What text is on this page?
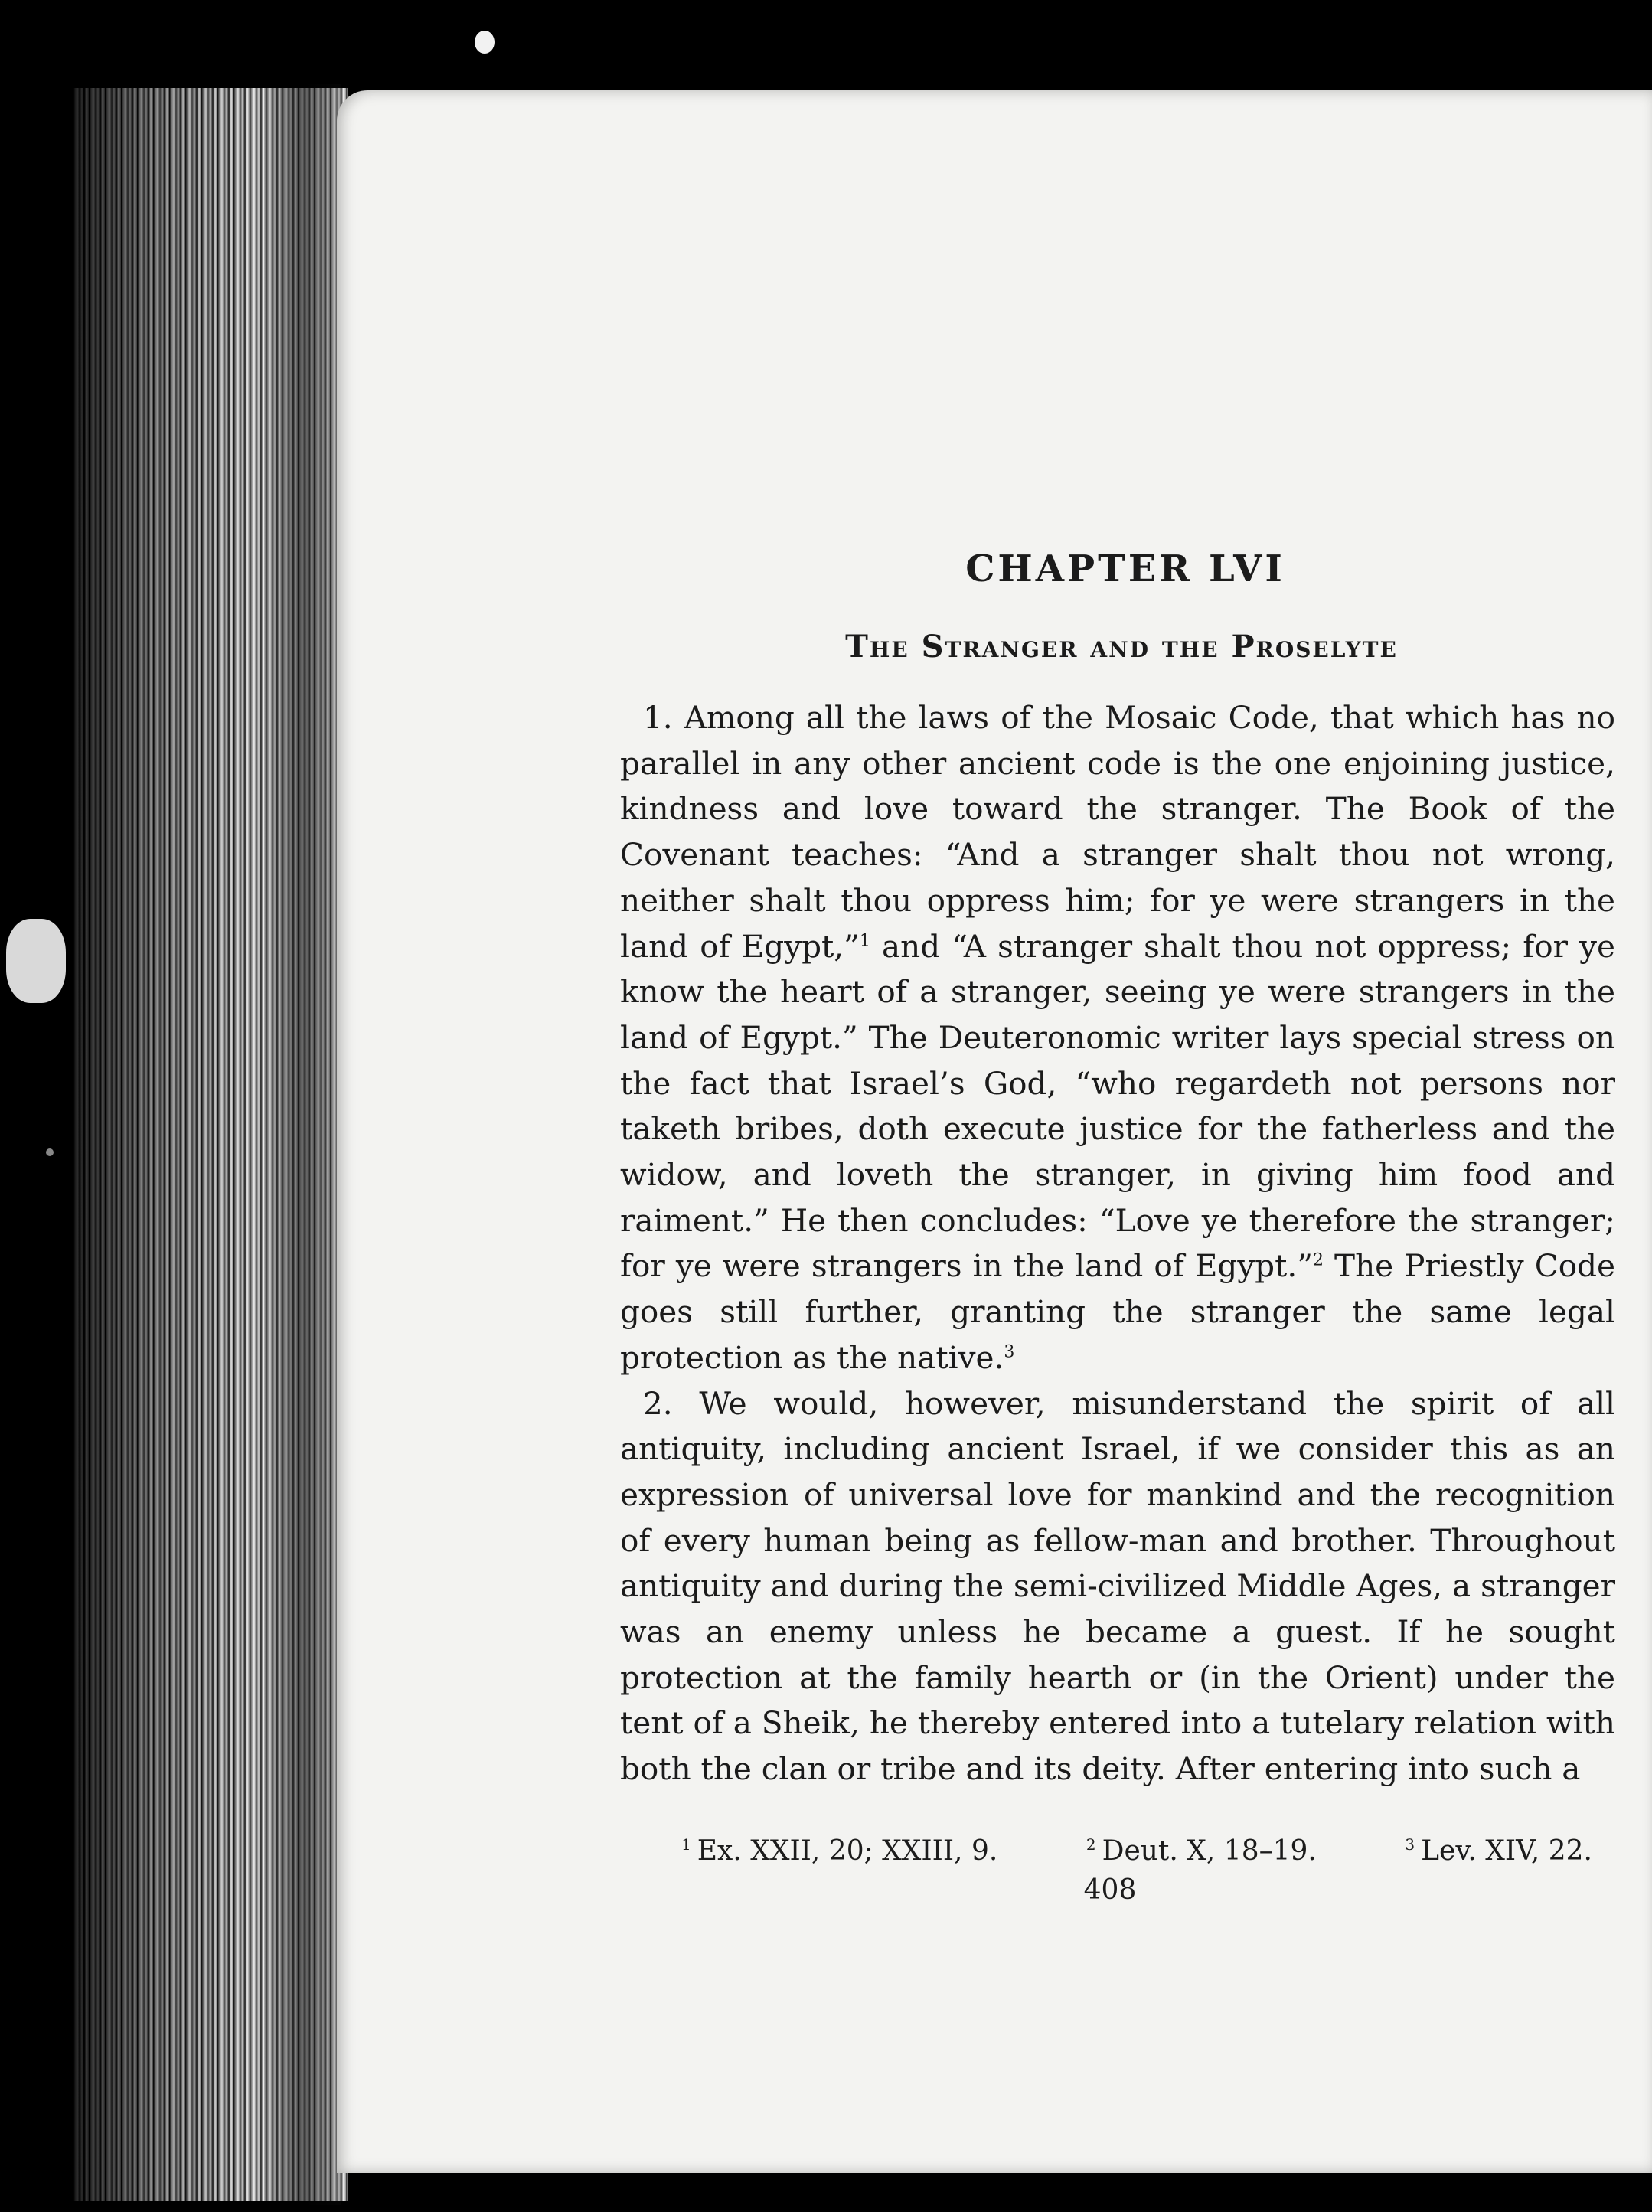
CHAPTER LVI
The Stranger and the Proselyte

1. Among all the laws of the Mosaic Code, that which has no parallel in any other ancient code is the one enjoining justice, kindness and love toward the stranger. The Book of the Covenant teaches: “And a stranger shalt thou not wrong, neither shalt thou oppress him; for ye were strangers in the land of Egypt,”$^1$ and “A stranger shalt thou not oppress; for ye know the heart of a stranger, seeing ye were strangers in the land of Egypt.” The Deuteronomic writer lays special stress on the fact that Israel’s God, “who regardeth not persons nor taketh bribes, doth execute justice for the fatherless and the widow, and loveth the stranger, in giving him food and raiment.” He then concludes: “Love ye therefore the stranger; for ye were strangers in the land of Egypt.”$^2$ The Priestly Code goes still further, granting the stranger the same legal protection as the native.$^3$

2. We would, however, misunderstand the spirit of all antiquity, including ancient Israel, if we consider this as an expression of universal love for mankind and the recognition of every human being as fellow-man and brother. Throughout antiquity and during the semi-civilized Middle Ages, a stranger was an enemy unless he became a guest. If he sought protection at the family hearth or (in the Orient) under the tent of a Sheik, he thereby entered into a tutelary relation with both the clan or tribe and its deity. After entering into such a

$^1$ Ex. XXII, 20; XXIII, 9.	$^2$ Deut. X, 18–19.	$^3$ Lev. XIV, 22.
408
